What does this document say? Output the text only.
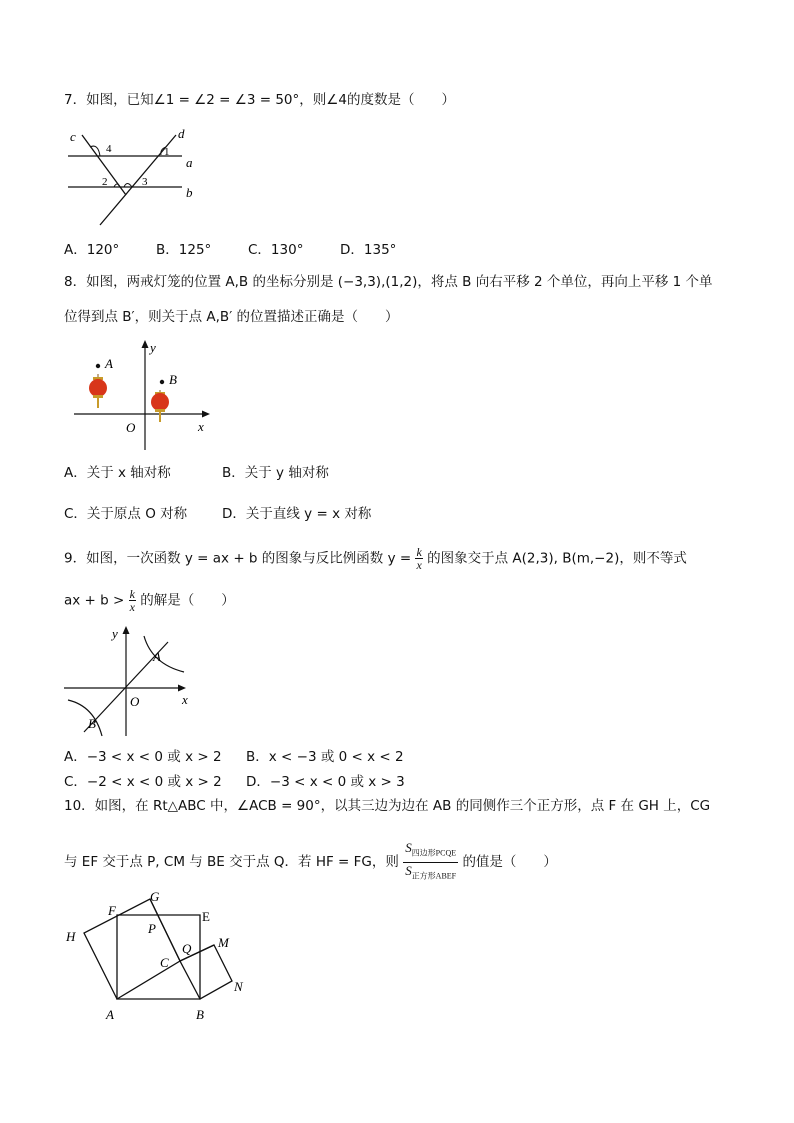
7．如图，已知∠1 = ∠2 = ∠3 = 50°，则∠4的度数是（　　）
c	d
a
b
1
2	3
4
A．120°	B．125°	C．130°	D．135°
8．如图，两戒灯笼的位置 A,B 的坐标分别是 (−3,3),(1,2)，将点 B 向右平移 2 个单位，再向上平移 1 个单
位得到点 B′，则关于点 A,B′ 的位置描述正确是（　　）
y
x
O
A
B
A．关于 x 轴对称	B．关于 y 轴对称
C．关于原点 O 对称	D．关于直线 y = x 对称
9．如图，一次函数 y = ax + b 的图象与反比例函数 $y = \frac{k}{x}$ 的图象交于点 A(2,3), B(m,−2)，则不等式
ax + $b > \frac{k}{x}$ 的解是（　　）
y
x
O
A
B
A．−3 < x < 0 或 x > 2 B．x < −3 或 0 < x < 2
C．−2 < x < 0 或 x > 2 D．−3 < x < 0 或 x > 3
10．如图，在 Rt△ABC 中，∠ACB = 90°，以其三边为边在 AB 的同侧作三个正方形，点 F 在 GH 上，CG
与 EF 交于点 P, CM 与 BE 交于点 Q．若 HF = FG，则 $\frac{S_{四边形PCQE}}{S_{正方形ABEF}}$ 的值是（　　）
F
G
E
H
P
Q M
C
N
A	B
